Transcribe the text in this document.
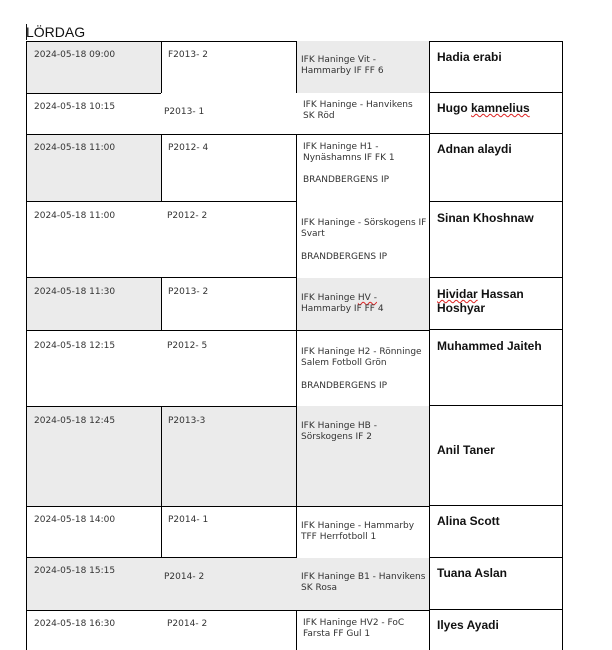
LÖRDAG
2024-05-18 09:00	F2013- 2	IFK Haninge Vit - Hammarby IF FF 6
Hadia erabi
2024-05-18 10:15	P2013- 1
IFK Haninge - Hanvikens SK Röd
Hugo kamnelius
2024-05-18 11:00	P2012- 4	IFK Haninge H1 - Nynäshamns IF FK 1
BRANDBERGENS IP
Adnan alaydi
2024-05-18 11:00	P2012- 2
IFK Haninge - Sörskogens IF Svart
BRANDBERGENS IP
Sinan Khoshnaw
2024-05-18 11:30	P2013- 2
IFK Haninge HV -
Hammarby IF FF 4
Hividar Hassan Hoshyar
2024-05-18 12:15	P2012- 5
IFK Haninge H2 - Rönninge Salem Fotboll Grön
BRANDBERGENS IP
Muhammed Jaiteh
2024-05-18 12:45	P2013-3	IFK Haninge HB - Sörskogens IF 2
Anil Taner
2024-05-18 14:00	P2014- 1
IFK Haninge - Hammarby TFF Herrfotboll 1
Alina Scott
2024-05-18 15:15
P2014- 2	IFK Haninge B1 - Hanvikens SK Rosa
Tuana Aslan
2024-05-18 16:30	P2014- 2	IFK Haninge HV2 - FoC Farsta FF Gul 1
Ilyes Ayadi
